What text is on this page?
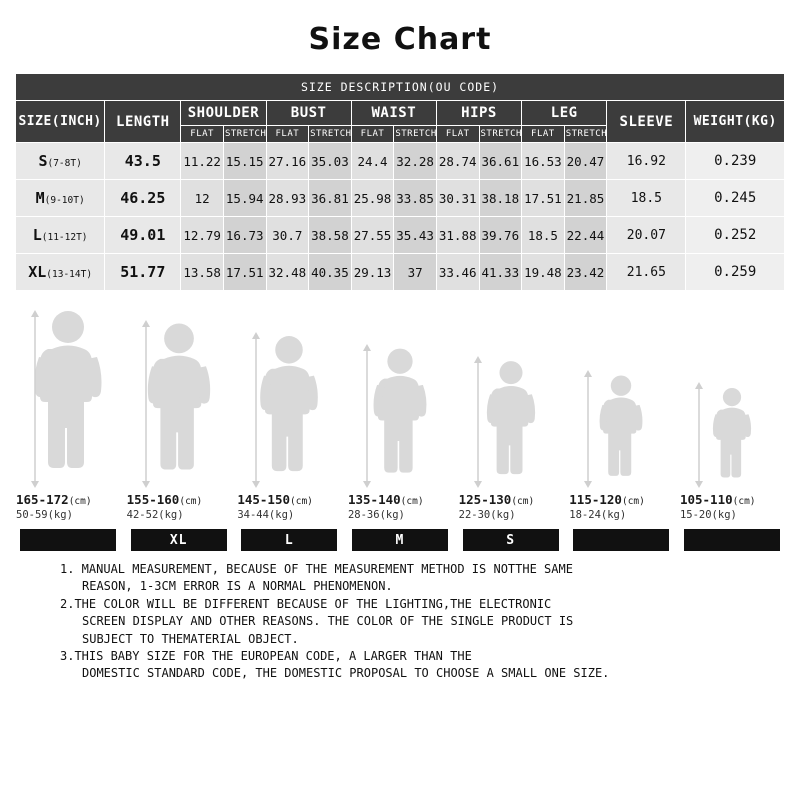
Size Chart
SIZE DESCRIPTION(OU CODE)													
SIZE(INCH)	LENGTH	SHOULDER		BUST		WAIST		HIPS		LEG		SLEEVE	WEIGHT(KG)
		FLAT	STRETCH	FLAT	STRETCH	FLAT	STRETCH	FLAT	STRETCH	FLAT	STRETCH		
S(7-8T)	43.5	11.22	15.15	27.16	35.03	24.4	32.28	28.74	36.61	16.53	20.47	16.92	0.239
M(9-10T)	46.25	12	15.94	28.93	36.81	25.98	33.85	30.31	38.18	17.51	21.85	18.5	0.245
L(11-12T)	49.01	12.79	16.73	30.7	38.58	27.55	35.43	31.88	39.76	18.5	22.44	20.07	0.252
XL(13-14T)	51.77	13.58	17.51	32.48	40.35	29.13	37	33.46	41.33	19.48	23.42	21.65	0.259
165-172(cm)
50-59(kg)
155-160(cm)
42-52(kg)
XL
145-150(cm)
34-44(kg)
L
135-140(cm)
28-36(kg)
M
125-130(cm)
22-30(kg)
S
115-120(cm)
18-24(kg)
105-110(cm)
15-20(kg)
1. MANUAL MEASUREMENT, BECAUSE OF THE MEASUREMENT METHOD IS NOTTHE SAME
REASON, 1-3CM ERROR IS A NORMAL PHENOMENON.
2.THE COLOR WILL BE DIFFERENT BECAUSE OF THE LIGHTING,THE ELECTRONIC
SCREEN DISPLAY AND OTHER REASONS. THE COLOR OF THE SINGLE PRODUCT IS
SUBJECT TO THEMATERIAL OBJECT.
3.THIS BABY SIZE FOR THE EUROPEAN CODE, A LARGER THAN THE
DOMESTIC STANDARD CODE, THE DOMESTIC PROPOSAL TO CHOOSE A SMALL ONE SIZE.
